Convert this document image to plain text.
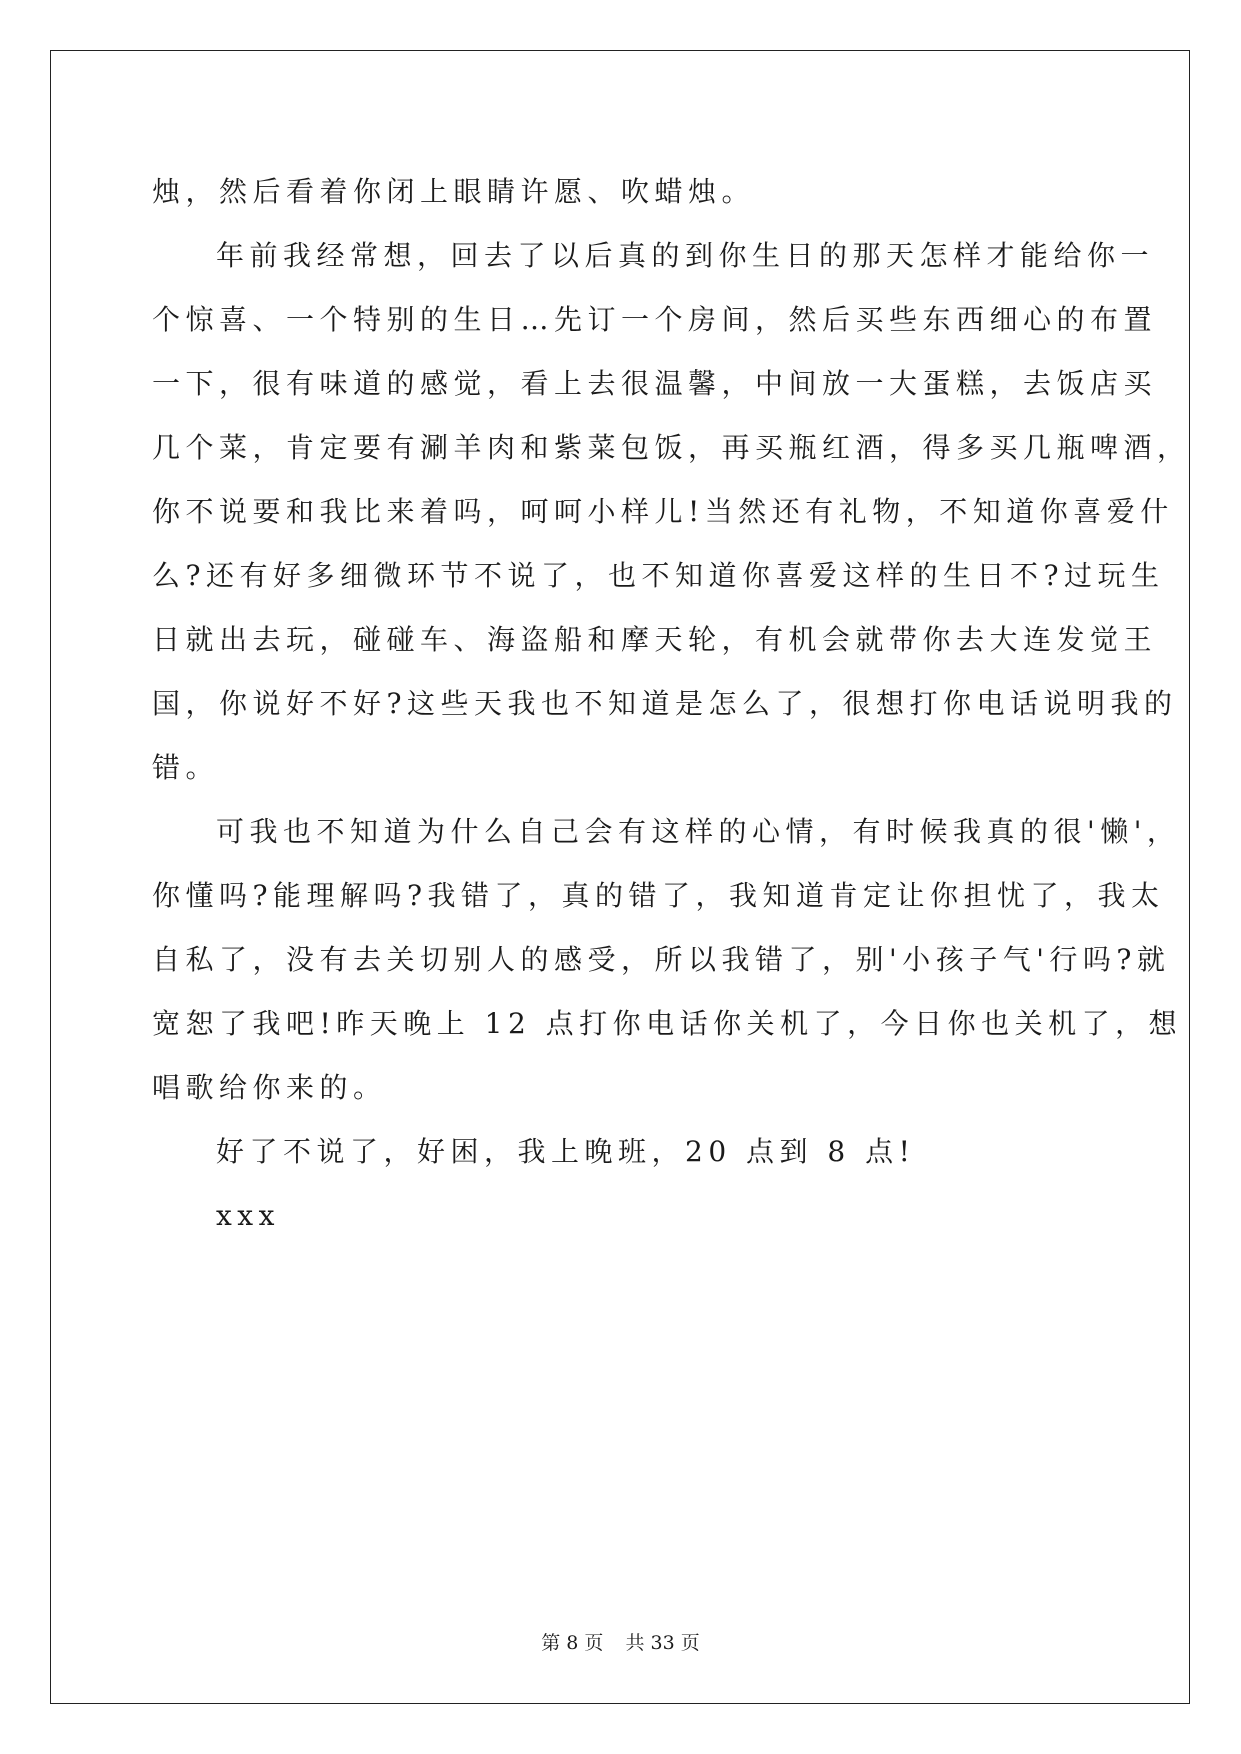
烛，然后看着你闭上眼睛许愿、吹蜡烛。
年前我经常想，回去了以后真的到你生日的那天怎样才能给你一
个惊喜、一个特别的生日…先订一个房间，然后买些东西细心的布置
一下，很有味道的感觉，看上去很温馨，中间放一大蛋糕，去饭店买
几个菜，肯定要有涮羊肉和紫菜包饭，再买瓶红酒，得多买几瓶啤酒，
你不说要和我比来着吗，呵呵小样儿!当然还有礼物，不知道你喜爱什
么?还有好多细微环节不说了，也不知道你喜爱这样的生日不?过玩生
日就出去玩，碰碰车、海盗船和摩天轮，有机会就带你去大连发觉王
国，你说好不好?这些天我也不知道是怎么了，很想打你电话说明我的
错。
可我也不知道为什么自己会有这样的心情，有时候我真的很'懒'，
你懂吗?能理解吗?我错了，真的错了，我知道肯定让你担忧了，我太
自私了，没有去关切别人的感受，所以我错了，别'小孩子气'行吗?就
宽恕了我吧!昨天晚上 12 点打你电话你关机了，今日你也关机了，想
唱歌给你来的。
好了不说了，好困，我上晚班，20 点到 8 点!
xxx
第 8 页 共 33 页
